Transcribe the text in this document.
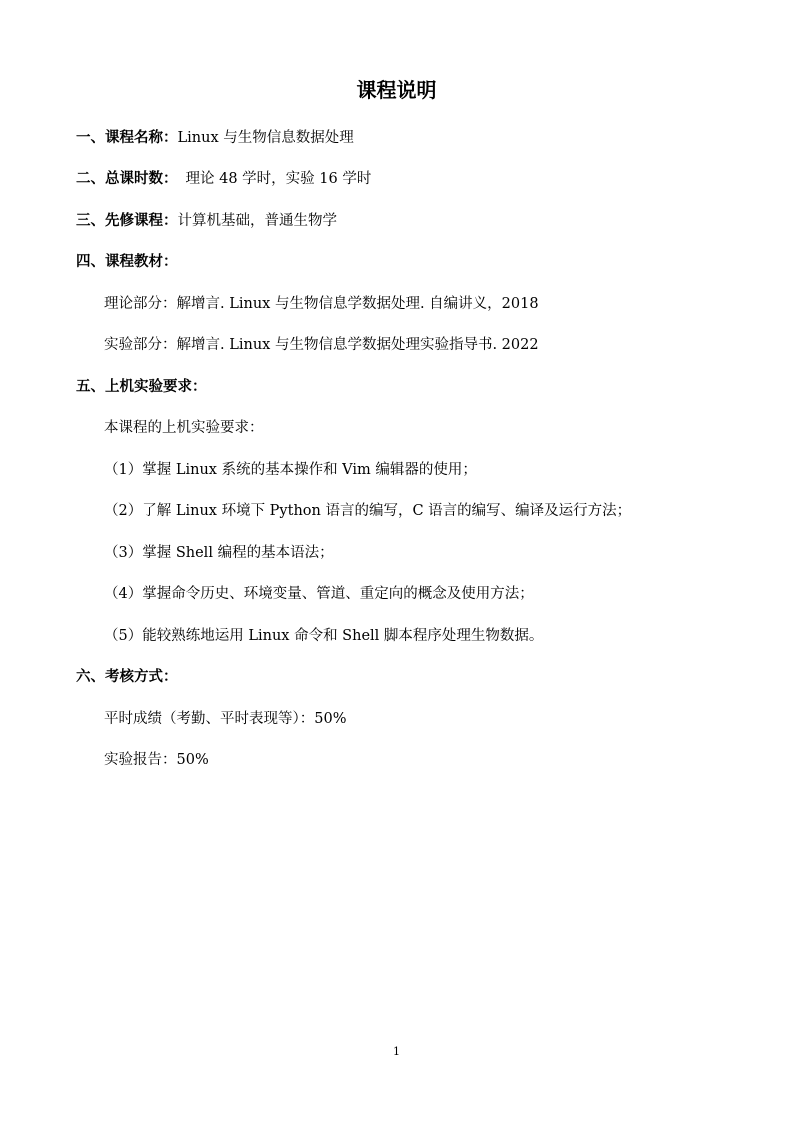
课程说明
一、课程名称：Linux 与生物信息数据处理
二、总课时数： 理论 48 学时，实验 16 学时
三、先修课程：计算机基础，普通生物学
四、课程教材：
理论部分：解增言. Linux 与生物信息学数据处理. 自编讲义，2018
实验部分：解增言. Linux 与生物信息学数据处理实验指导书. 2022
五、上机实验要求：
本课程的上机实验要求：
（1）掌握 Linux 系统的基本操作和 Vim 编辑器的使用；
（2）了解 Linux 环境下 Python 语言的编写，C 语言的编写、编译及运行方法；
（3）掌握 Shell 编程的基本语法；
（4）掌握命令历史、环境变量、管道、重定向的概念及使用方法；
（5）能较熟练地运用 Linux 命令和 Shell 脚本程序处理生物数据。
六、考核方式：
平时成绩（考勤、平时表现等）：50%
实验报告：50%
1
